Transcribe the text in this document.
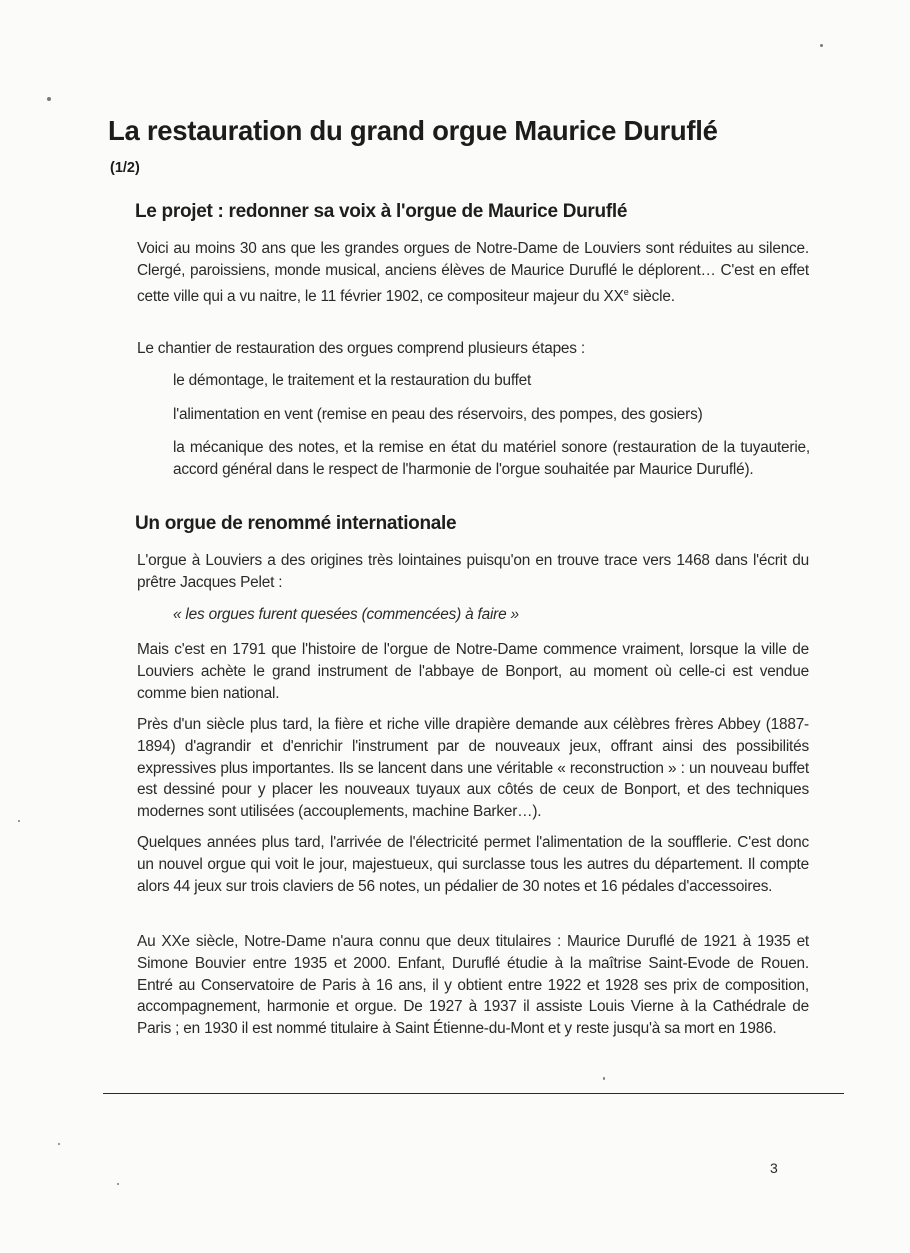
La restauration du grand orgue Maurice Duruflé
(1/2)
Le projet : redonner sa voix à l'orgue de Maurice Duruflé

Voici au moins 30 ans que les grandes orgues de Notre-Dame de Louviers sont réduites au silence. Clergé, paroissiens, monde musical, anciens élèves de Maurice Duruflé le déplorent… C'est en effet cette ville qui a vu naitre, le 11 février 1902, ce compositeur majeur du XXe siècle.

Le chantier de restauration des orgues comprend plusieurs étapes :

le démontage, le traitement et la restauration du buffet

l'alimentation en vent (remise en peau des réservoirs, des pompes, des gosiers)

la mécanique des notes, et la remise en état du matériel sonore (restauration de la tuyauterie, accord général dans le respect de l'harmonie de l'orgue souhaitée par Maurice Duruflé).

Un orgue de renommé internationale

L'orgue à Louviers a des origines très lointaines puisqu'on en trouve trace vers 1468 dans l'écrit du prêtre Jacques Pelet :

« les orgues furent quesées (commencées) à faire »

Mais c'est en 1791 que l'histoire de l'orgue de Notre-Dame commence vraiment, lorsque la ville de Louviers achète le grand instrument de l'abbaye de Bonport, au moment où celle-ci est vendue comme bien national.

Près d'un siècle plus tard, la fière et riche ville drapière demande aux célèbres frères Abbey (1887-1894) d'agrandir et d'enrichir l'instrument par de nouveaux jeux, offrant ainsi des possibilités expressives plus importantes. Ils se lancent dans une véritable « reconstruction » : un nouveau buffet est dessiné pour y placer les nouveaux tuyaux aux côtés de ceux de Bonport, et des techniques modernes sont utilisées (accouplements, machine Barker…).

Quelques années plus tard, l'arrivée de l'électricité permet l'alimentation de la soufflerie. C'est donc un nouvel orgue qui voit le jour, majestueux, qui surclasse tous les autres du département. Il compte alors 44 jeux sur trois claviers de 56 notes, un pédalier de 30 notes et 16 pédales d'accessoires.

Au XXe siècle, Notre-Dame n'aura connu que deux titulaires : Maurice Duruflé de 1921 à 1935 et Simone Bouvier entre 1935 et 2000. Enfant, Duruflé étudie à la maîtrise Saint-Evode de Rouen. Entré au Conservatoire de Paris à 16 ans, il y obtient entre 1922 et 1928 ses prix de composition, accompagnement, harmonie et orgue. De 1927 à 1937 il assiste Louis Vierne à la Cathédrale de Paris ; en 1930 il est nommé titulaire à Saint Étienne-du-Mont et y reste jusqu'à sa mort en 1986.

3
